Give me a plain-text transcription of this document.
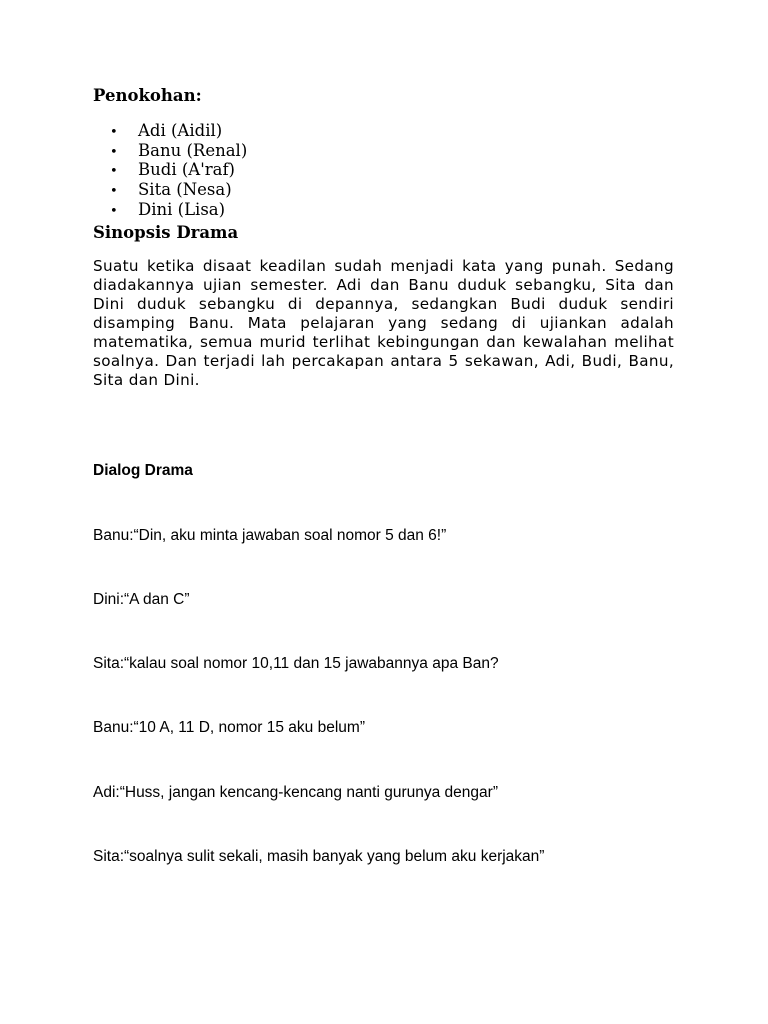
Penokohan:
• Adi (Aidil)
• Banu (Renal)
• Budi (A'raf)
• Sita (Nesa)
• Dini (Lisa)
Sinopsis Drama
Suatu ketika disaat keadilan sudah menjadi kata yang punah. Sedang diadakannya ujian semester. Adi dan Banu duduk sebangku, Sita dan Dini duduk sebangku di depannya, sedangkan Budi duduk sendiri disamping Banu. Mata pelajaran yang sedang di ujiankan adalah matematika, semua murid terlihat kebingungan dan kewalahan melihat soalnya. Dan terjadi lah percakapan antara 5 sekawan, Adi, Budi, Banu, Sita dan Dini.
Dialog Drama

Banu:“Din, aku minta jawaban soal nomor 5 dan 6!”

Dini:“A dan C”

Sita:“kalau soal nomor 10,11 dan 15 jawabannya apa Ban?

Banu:“10 A, 11 D, nomor 15 aku belum”

Adi:“Huss, jangan kencang-kencang nanti gurunya dengar”

Sita:“soalnya sulit sekali, masih banyak yang belum aku kerjakan”
